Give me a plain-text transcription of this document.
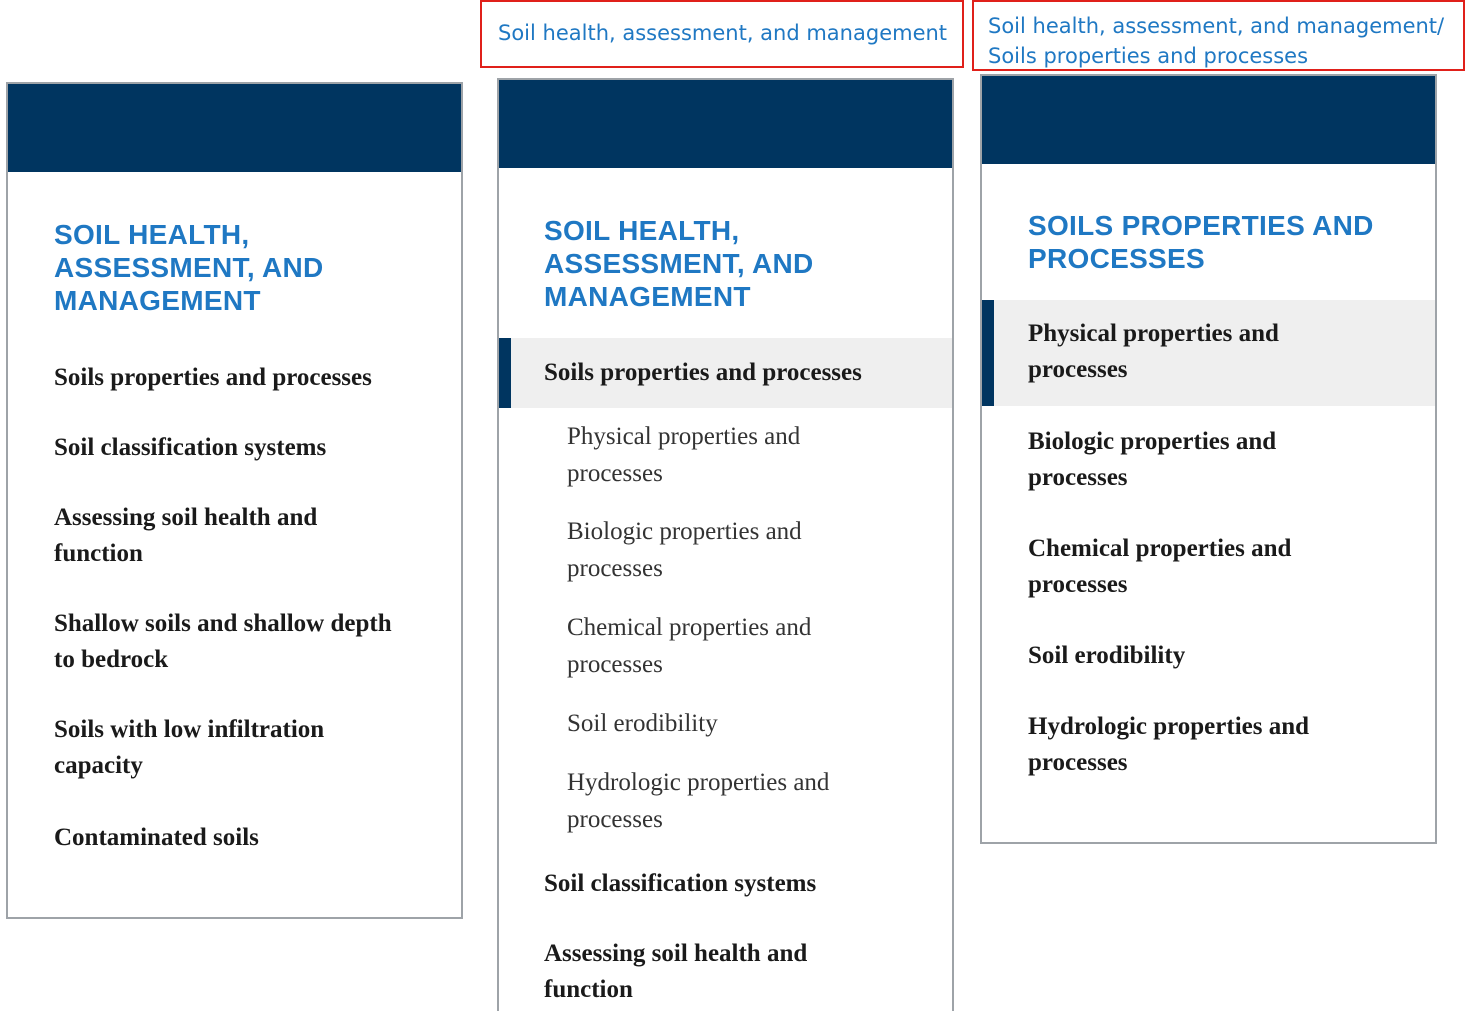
Soil health, assessment, and management	Soil health, assessment, and management/
Soils properties and processes
SOIL HEALTH, ASSESSMENT, AND MANAGEMENT
Soils properties and processes
Soil classification systems
Assessing soil health and function
Shallow soils and shallow depth to bedrock
Soils with low infiltration capacity
Contaminated soils
SOIL HEALTH, ASSESSMENT, AND MANAGEMENT
Soils properties and processes
Physical properties and processes
Biologic properties and processes
Chemical properties and processes
Soil erodibility
Hydrologic properties and processes
Soil classification systems
Assessing soil health and function
SOILS PROPERTIES AND PROCESSES
Physical properties and processes
Biologic properties and processes
Chemical properties and processes
Soil erodibility
Hydrologic properties and processes
